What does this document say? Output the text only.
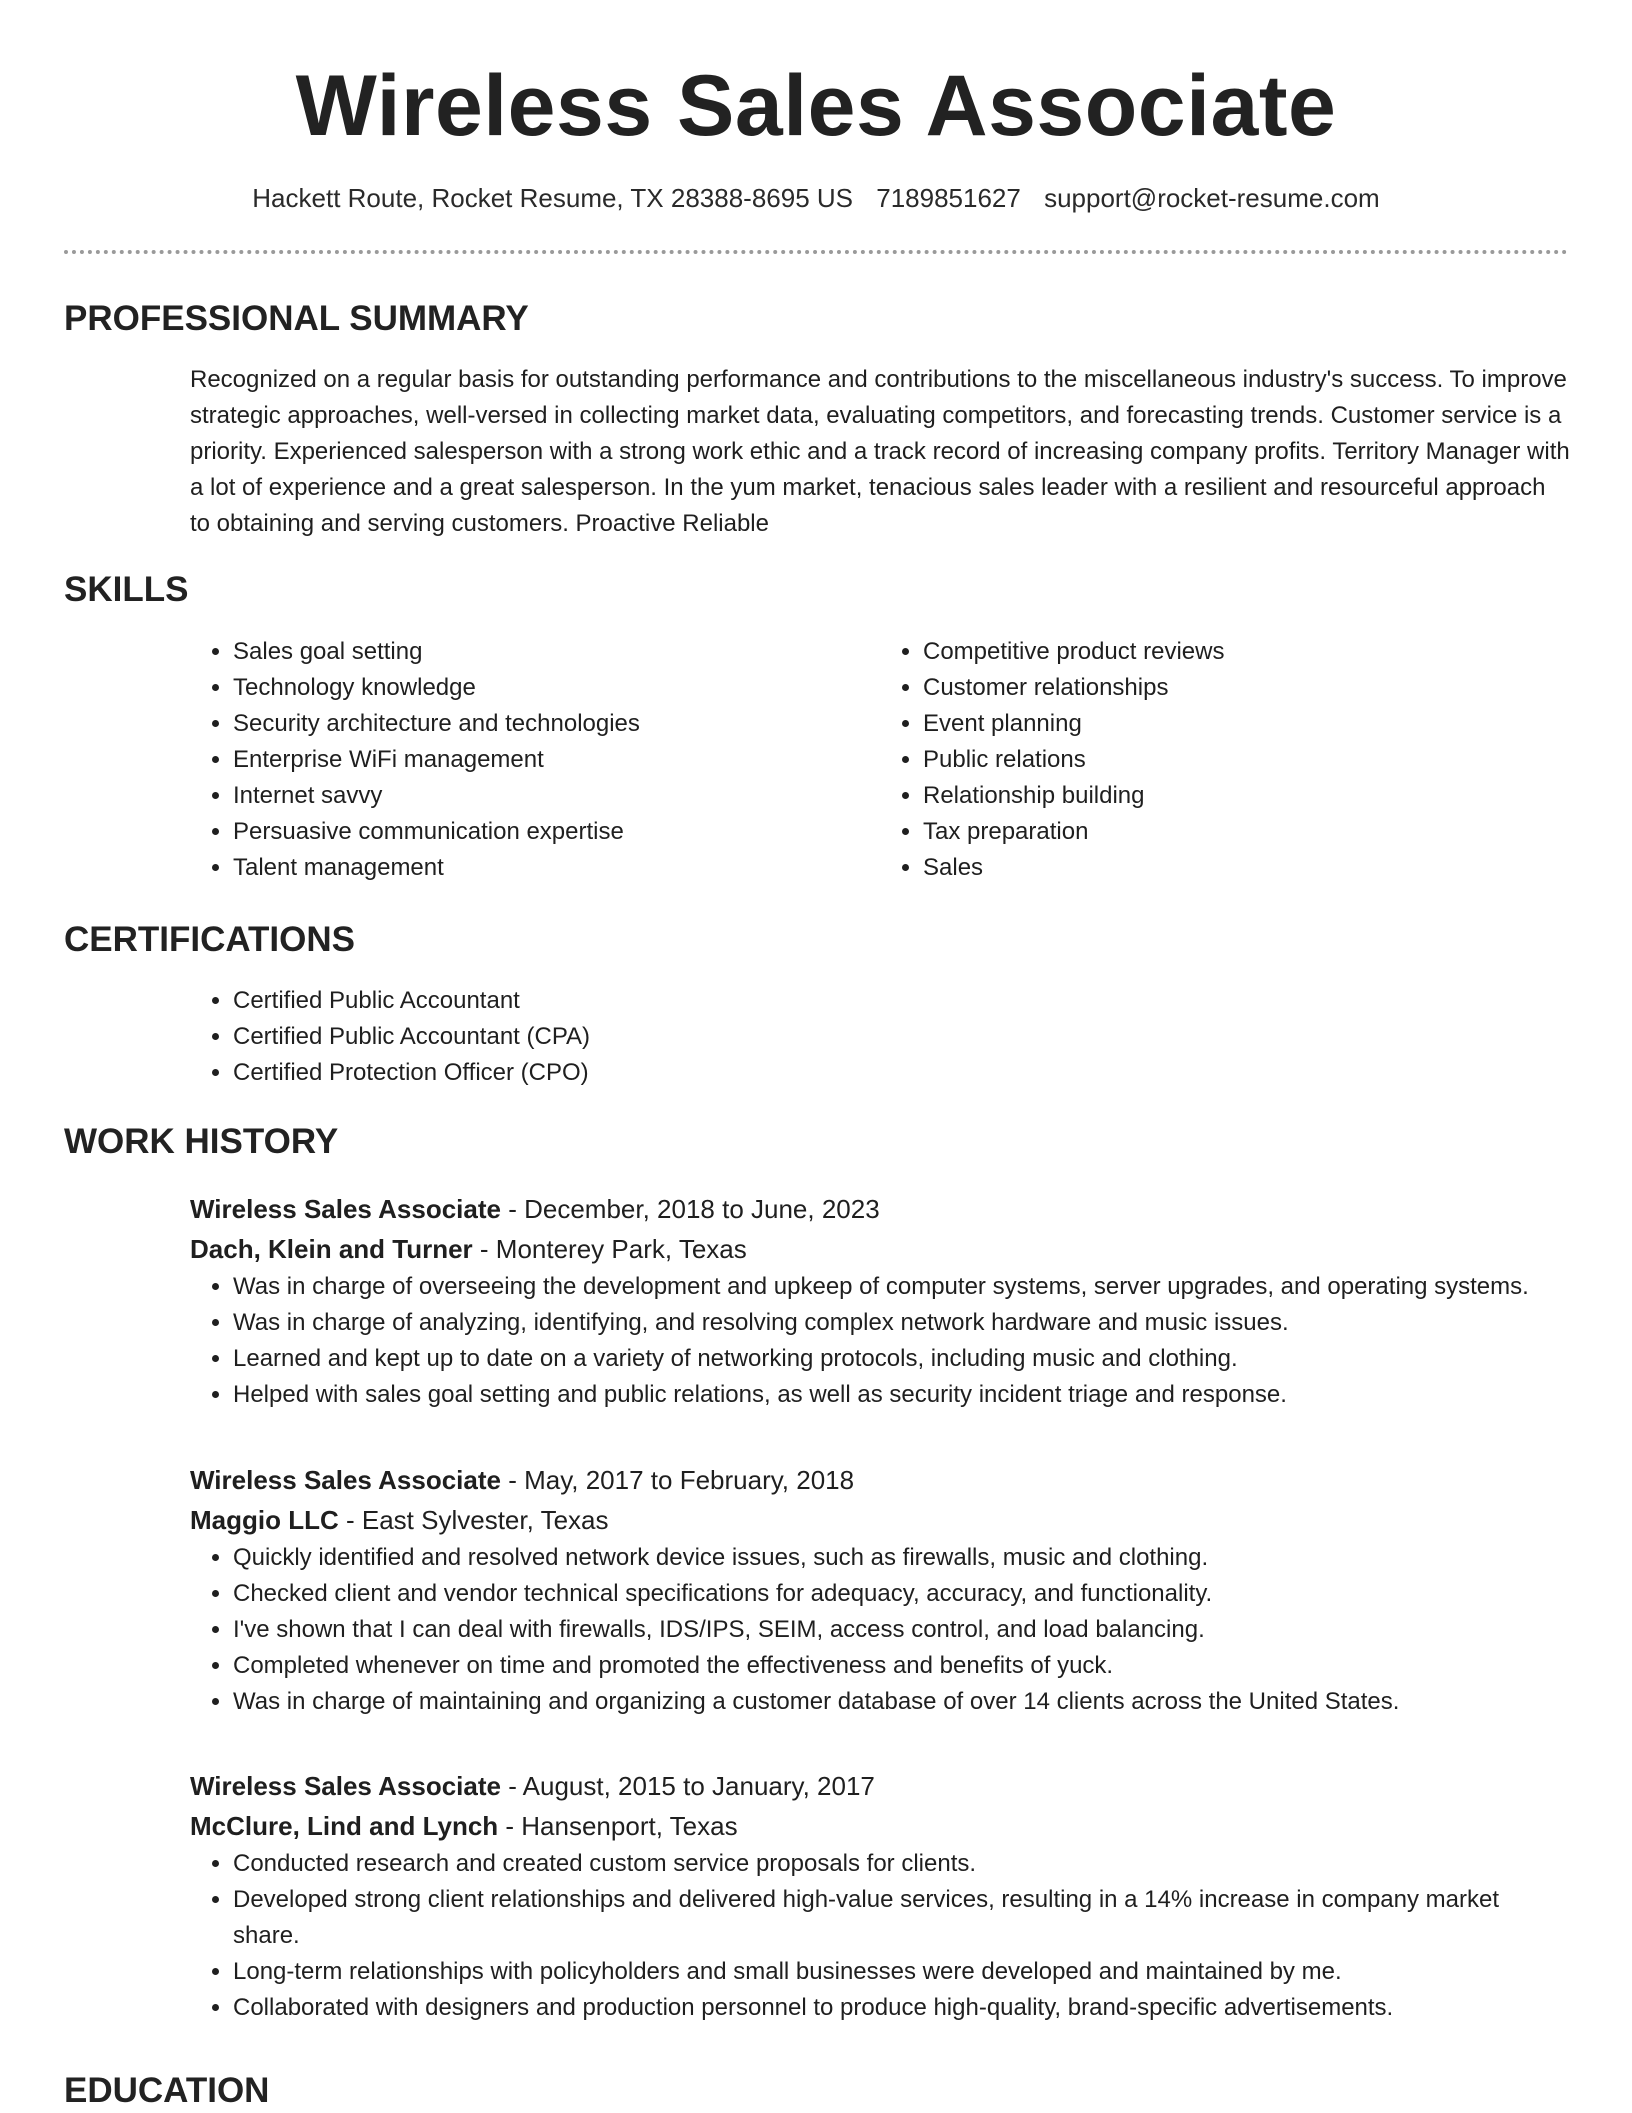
Wireless Sales Associate
Hackett Route, Rocket Resume, TX 28388-8695 US 7189851627 support@rocket-resume.com
PROFESSIONAL SUMMARY

Recognized on a regular basis for outstanding performance and contributions to the miscellaneous industry's success. To improve strategic approaches, well-versed in collecting market data, evaluating competitors, and forecasting trends. Customer service is a priority. Experienced salesperson with a strong work ethic and a track record of increasing company profits. Territory Manager with a lot of experience and a great salesperson. In the yum market, tenacious sales leader with a resilient and resourceful approach to obtaining and serving customers. Proactive Reliable

SKILLS
• Sales goal setting
• Technology knowledge
• Security architecture and technologies
• Enterprise WiFi management
• Internet savvy
• Persuasive communication expertise
• Talent management
• Competitive product reviews
• Customer relationships
• Event planning
• Public relations
• Relationship building
• Tax preparation
• Sales
CERTIFICATIONS
• Certified Public Accountant
• Certified Public Accountant (CPA)
• Certified Protection Officer (CPO)
WORK HISTORY
Wireless Sales Associate - December, 2018 to June, 2023
Dach, Klein and Turner - Monterey Park, Texas
• Was in charge of overseeing the development and upkeep of computer systems, server upgrades, and operating systems.
• Was in charge of analyzing, identifying, and resolving complex network hardware and music issues.
• Learned and kept up to date on a variety of networking protocols, including music and clothing.
• Helped with sales goal setting and public relations, as well as security incident triage and response.
Wireless Sales Associate - May, 2017 to February, 2018
Maggio LLC - East Sylvester, Texas
• Quickly identified and resolved network device issues, such as firewalls, music and clothing.
• Checked client and vendor technical specifications for adequacy, accuracy, and functionality.
• I've shown that I can deal with firewalls, IDS/IPS, SEIM, access control, and load balancing.
• Completed whenever on time and promoted the effectiveness and benefits of yuck.
• Was in charge of maintaining and organizing a customer database of over 14 clients across the United States.
Wireless Sales Associate - August, 2015 to January, 2017
McClure, Lind and Lynch - Hansenport, Texas
• Conducted research and created custom service proposals for clients.
• Developed strong client relationships and delivered high-value services, resulting in a 14% increase in company market share.
• Long-term relationships with policyholders and small businesses were developed and maintained by me.
• Collaborated with designers and production personnel to produce high-quality, brand-specific advertisements.
EDUCATION
